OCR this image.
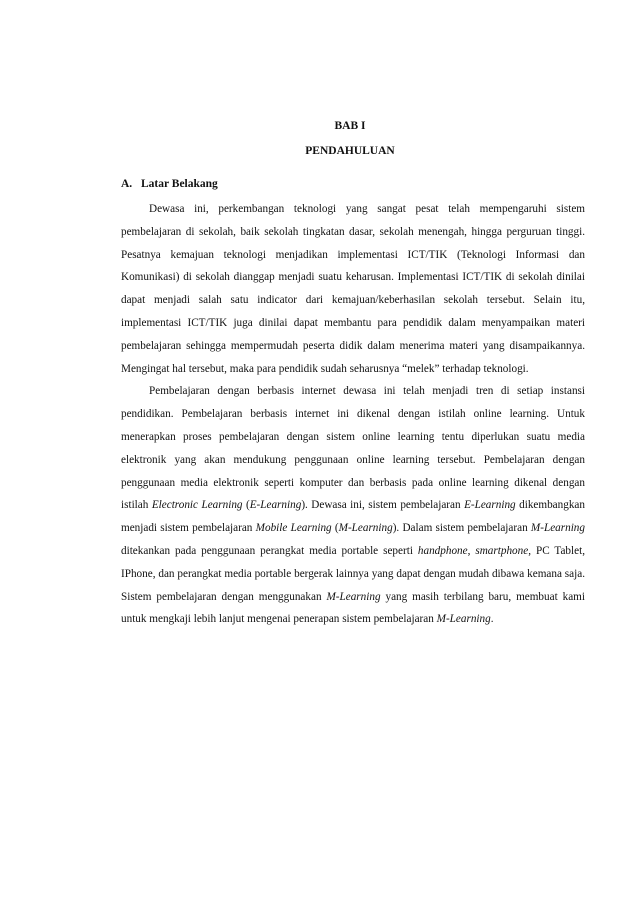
BAB I
PENDAHULUAN
A. Latar Belakang

Dewasa ini, perkembangan teknologi yang sangat pesat telah mempengaruhi sistem pembelajaran di sekolah, baik sekolah tingkatan dasar, sekolah menengah, hingga perguruan tinggi. Pesatnya kemajuan teknologi menjadikan implementasi ICT/TIK (Teknologi Informasi dan Komunikasi) di sekolah dianggap menjadi suatu keharusan. Implementasi ICT/TIK di sekolah dinilai dapat menjadi salah satu indicator dari kemajuan/keberhasilan sekolah tersebut. Selain itu, implementasi ICT/TIK juga dinilai dapat membantu para pendidik dalam menyampaikan materi pembelajaran sehingga mempermudah peserta didik dalam menerima materi yang disampaikannya. Mengingat hal tersebut, maka para pendidik sudah seharusnya “melek” terhadap teknologi.

Pembelajaran dengan berbasis internet dewasa ini telah menjadi tren di setiap instansi pendidikan. Pembelajaran berbasis internet ini dikenal dengan istilah online learning. Untuk menerapkan proses pembelajaran dengan sistem online learning tentu diperlukan suatu media elektronik yang akan mendukung penggunaan online learning tersebut. Pembelajaran dengan penggunaan media elektronik seperti komputer dan berbasis pada online learning dikenal dengan istilah Electronic Learning (E-Learning). Dewasa ini, sistem pembelajaran E-Learning dikembangkan menjadi sistem pembelajaran Mobile Learning (M-Learning). Dalam sistem pembelajaran M-Learning ditekankan pada penggunaan perangkat media portable seperti handphone, smartphone, PC Tablet, IPhone, dan perangkat media portable bergerak lainnya yang dapat dengan mudah dibawa kemana saja. Sistem pembelajaran dengan menggunakan M-Learning yang masih terbilang baru, membuat kami untuk mengkaji lebih lanjut mengenai penerapan sistem pembelajaran M-Learning.
